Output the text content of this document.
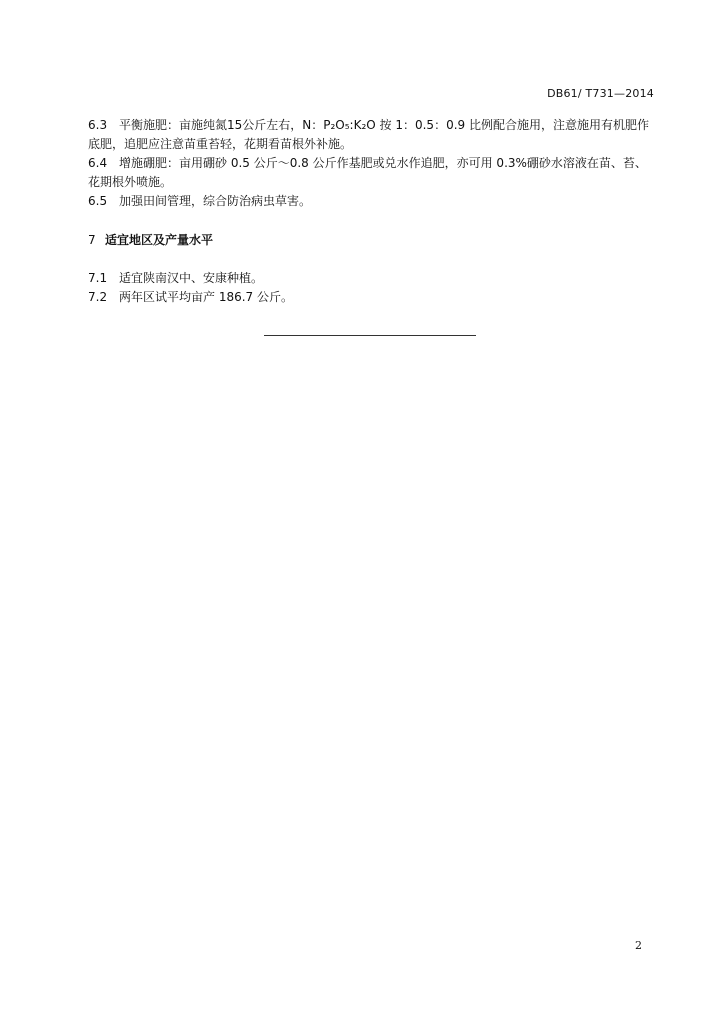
DB61/ T731—2014

6.3 平衡施肥：亩施纯氮15公斤左右，N：P₂O₅:K₂O 按 1：0.5：0.9 比例配合施用，注意施用有机肥作
底肥，追肥应注意苗重苔轻，花期看苗根外补施。

6.4 增施硼肥：亩用硼砂 0.5 公斤～0.8 公斤作基肥或兑水作追肥，亦可用 0.3%硼砂水溶液在苗、苔、
花期根外喷施。

6.5 加强田间管理，综合防治病虫草害。

7 适宜地区及产量水平

7.1 适宜陕南汉中、安康种植。

7.2 两年区试平均亩产 186.7 公斤。

2
